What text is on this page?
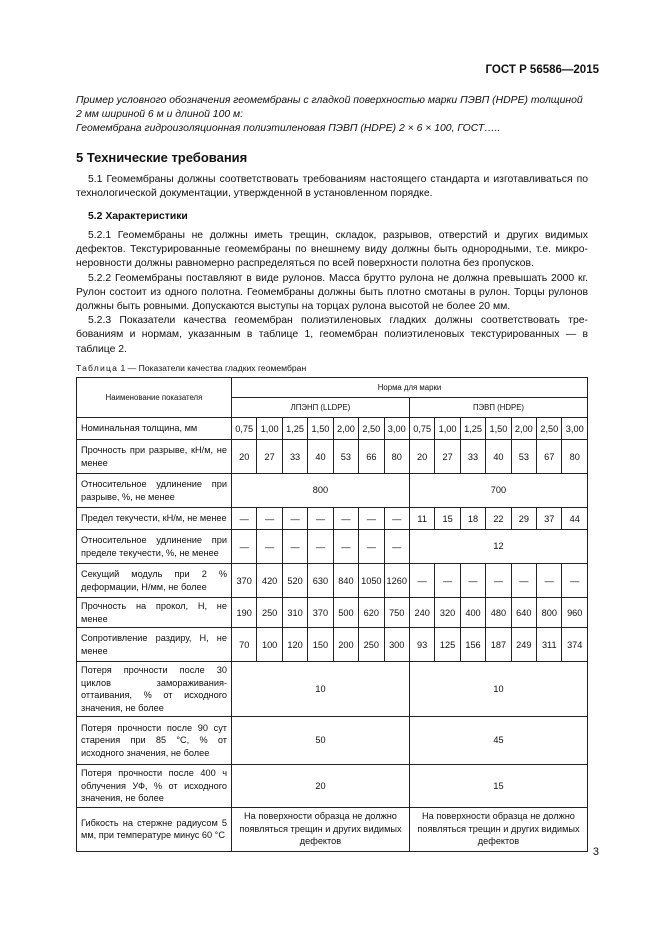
ГОСТ Р 56586—2015

Пример условного обозначения геомембраны с гладкой поверхностью марки ПЭВП (HDPE) толщиной 2 мм шириной 6 м и длиной 100 м:

Геомембрана гидроизоляционная полиэтиленовая ПЭВП (HDPE) 2 × 6 × 100, ГОСТ…..

5 Технические требования

5.1 Геомембраны должны соответствовать требованиям настоящего стандарта и изготавливаться по технологической документации, утвержденной в установленном порядке.

5.2 Характеристики

5.2.1 Геомембраны не должны иметь трещин, складок, разрывов, отверстий и других видимых дефектов. Текстурированные геомембраны по внешнему виду должны быть однородными, т.е. микронеровности должны равномерно распределяться по всей поверхности полотна без пропусков.

5.2.2 Геомембраны поставляют в виде рулонов. Масса брутто рулона не должна превышать 2000 кг. Рулон состоит из одного полотна. Геомембраны должны быть плотно смотаны в рулон. Торцы рулонов должны быть ровными. Допускаются выступы на торцах рулона высотой не более 20 мм.

5.2.3 Показатели качества геомембран полиэтиленовых гладких должны соответствовать требованиям и нормам, указанным в таблице 1, геомембран полиэтиленовых текстурированных — в таблице 2.

Таблица 1 — Показатели качества гладких геомембран
Наименование показателя	Норма для марки													
	ЛПЭНП (LLDPE)							ПЭВП (HDPE)						
Номинальная толщина, мм	0,75	1,00	1,25	1,50	2,00	2,50	3,00	0,75	1,00	1,25	1,50	2,00	2,50	3,00
Прочность при разрыве, кН/м, не менее	20	27	33	40	53	66	80	20	27	33	40	53	67	80
Относительное удлинение при разрыве, %, не менее	800							700						
Предел текучести, кН/м, не менее	—	—	—	—	—	—	—	11	15	18	22	29	37	44
Относительное удлинение при пределе текучести, %, не менее	—	—	—	—	—	—	—	12						
Секущий модуль при 2 % деформации, Н/мм, не более	370	420	520	630	840	1050	1260	—	—	—	—	—	—	—
Прочность на прокол, Н, не менее	190	250	310	370	500	620	750	240	320	400	480	640	800	960
Сопротивление раздиру, Н, не менее	70	100	120	150	200	250	300	93	125	156	187	249	311	374
Потеря прочности после 30 циклов замораживания-оттаивания, % от исходного значения, не более	10							10						
Потеря прочности после 90 сут старения при 85 °С, % от исходного значения, не более	50							45						
Потеря прочности после 400 ч облучения УФ, % от исходного значения, не более	20							15						
Гибкость на стержне радиусом 5 мм, при температуре минус 60 °С	На поверхности образца не должно появляться трещин и других видимых дефектов							На поверхности образца не должно появляться трещин и других видимых дефектов						
3
